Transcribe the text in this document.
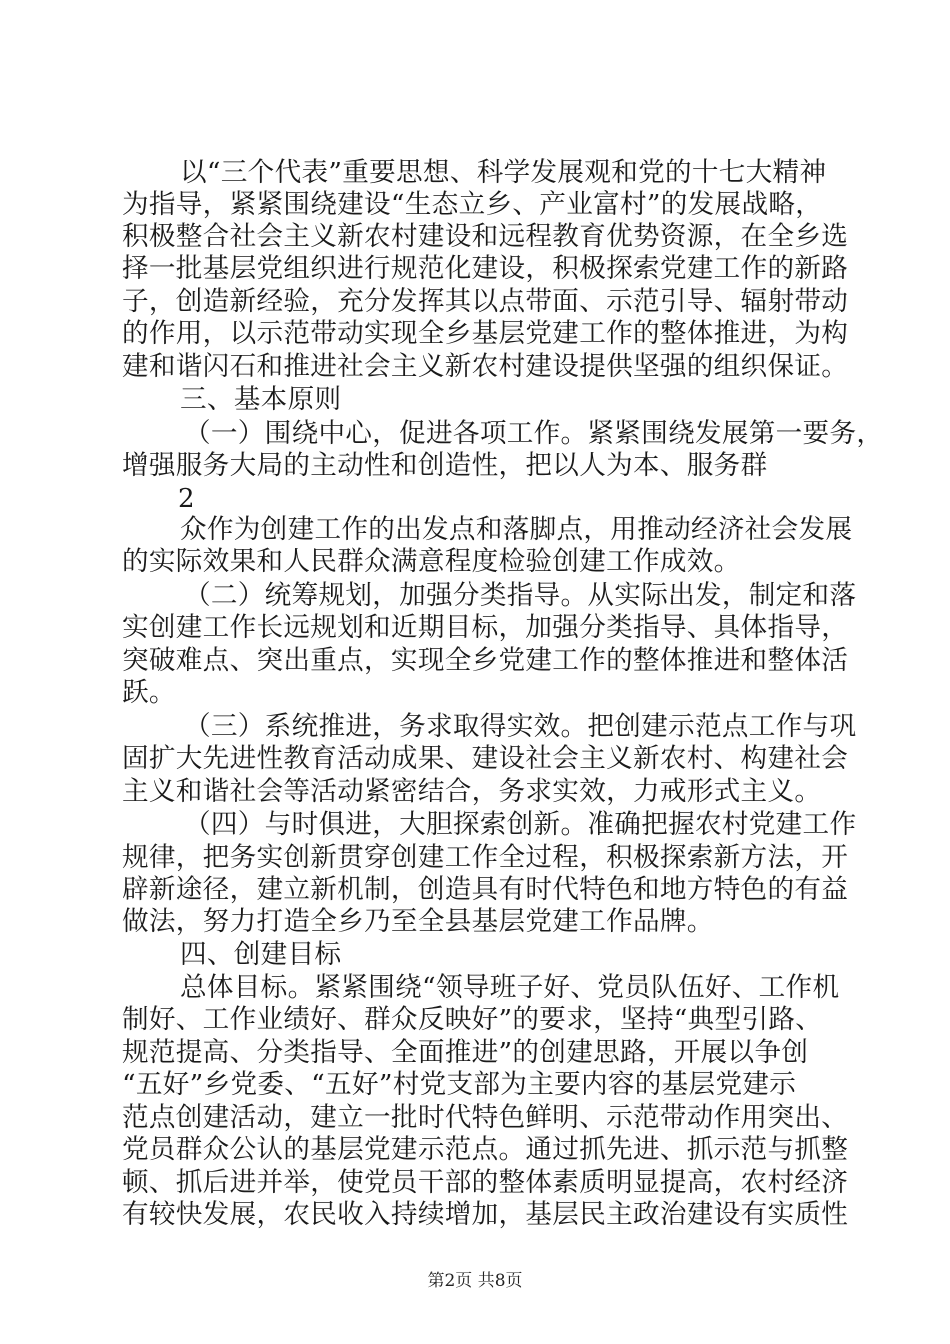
以“三个代表”重要思想、科学发展观和党的十七大精神
为指导，紧紧围绕建设“生态立乡、产业富村”的发展战略，
积极整合社会主义新农村建设和远程教育优势资源，在全乡选
择一批基层党组织进行规范化建设，积极探索党建工作的新路
子，创造新经验，充分发挥其以点带面、示范引导、辐射带动
的作用，以示范带动实现全乡基层党建工作的整体推进，为构
建和谐闪石和推进社会主义新农村建设提供坚强的组织保证。
三、基本原则
（一）围绕中心，促进各项工作。紧紧围绕发展第一要务，
增强服务大局的主动性和创造性，把以人为本、服务群
2
众作为创建工作的出发点和落脚点，用推动经济社会发展
的实际效果和人民群众满意程度检验创建工作成效。
（二）统筹规划，加强分类指导。从实际出发，制定和落
实创建工作长远规划和近期目标，加强分类指导、具体指导，
突破难点、突出重点，实现全乡党建工作的整体推进和整体活
跃。
（三）系统推进，务求取得实效。把创建示范点工作与巩
固扩大先进性教育活动成果、建设社会主义新农村、构建社会
主义和谐社会等活动紧密结合，务求实效，力戒形式主义。
（四）与时俱进，大胆探索创新。准确把握农村党建工作
规律，把务实创新贯穿创建工作全过程，积极探索新方法，开
辟新途径，建立新机制，创造具有时代特色和地方特色的有益
做法，努力打造全乡乃至全县基层党建工作品牌。
四、创建目标
总体目标。紧紧围绕“领导班子好、党员队伍好、工作机
制好、工作业绩好、群众反映好”的要求，坚持“典型引路、
规范提高、分类指导、全面推进”的创建思路，开展以争创
“五好”乡党委、“五好”村党支部为主要内容的基层党建示
范点创建活动，建立一批时代特色鲜明、示范带动作用突出、
党员群众公认的基层党建示范点。通过抓先进、抓示范与抓整
顿、抓后进并举，使党员干部的整体素质明显提高，农村经济
有较快发展，农民收入持续增加，基层民主政治建设有实质性
第2页 共8页
